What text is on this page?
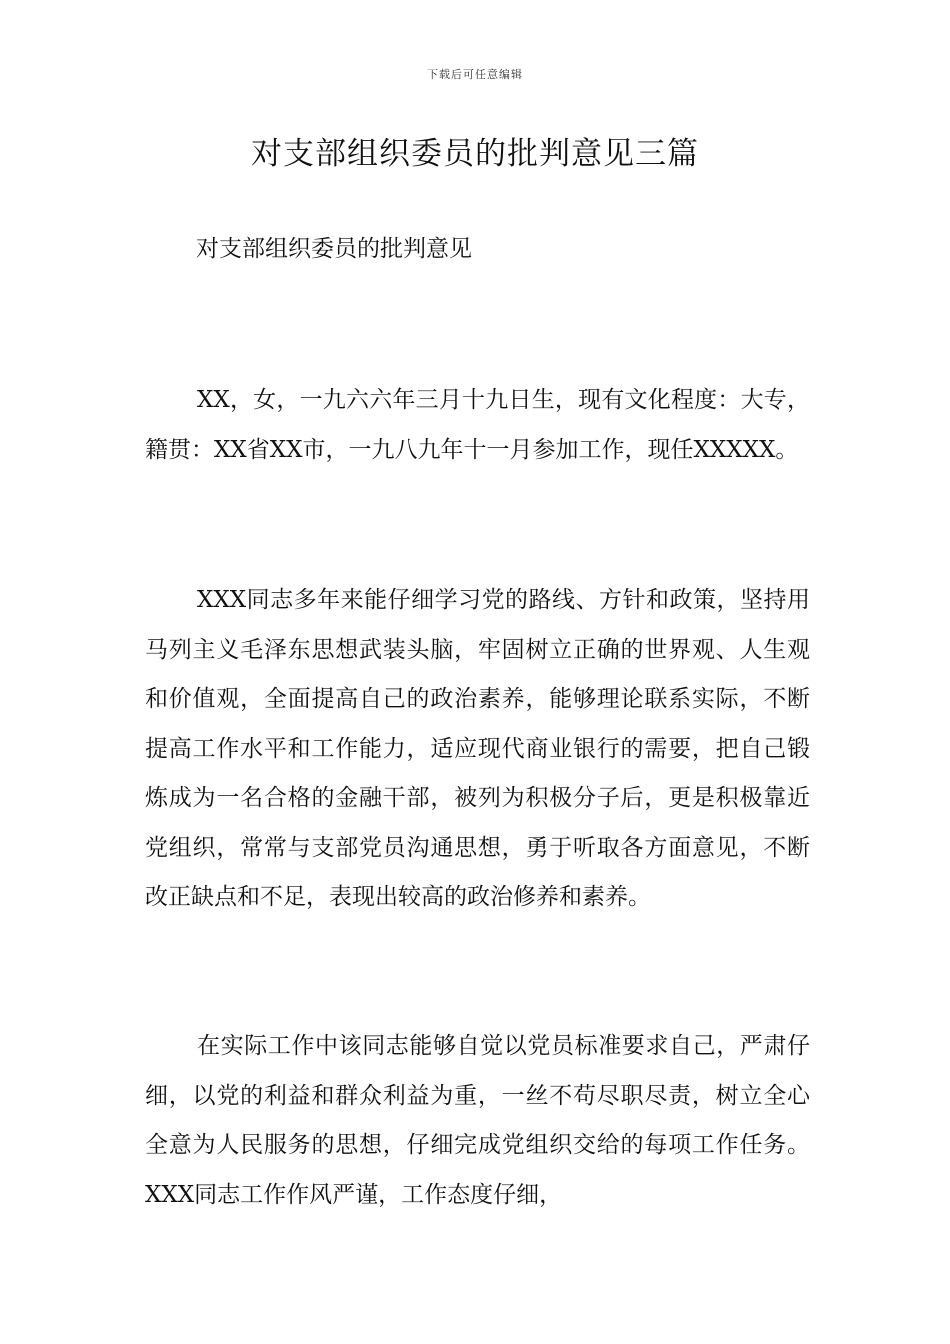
下载后可任意编辑
对支部组织委员的批判意见三篇
对支部组织委员的批判意见

XX，女，一九六六年三月十九日生，现有文化程度：大专，籍贯：XX省XX市，一九八九年十一月参加工作，现任XXXXX。

XXX同志多年来能仔细学习党的路线、方针和政策，坚持用马列主义毛泽东思想武装头脑，牢固树立正确的世界观、人生观和价值观，全面提高自己的政治素养，能够理论联系实际，不断提高工作水平和工作能力，适应现代商业银行的需要，把自己锻炼成为一名合格的金融干部，被列为积极分子后，更是积极靠近党组织，常常与支部党员沟通思想，勇于听取各方面意见，不断改正缺点和不足，表现出较高的政治修养和素养。

在实际工作中该同志能够自觉以党员标准要求自己，严肃仔细，以党的利益和群众利益为重，一丝不苟尽职尽责，树立全心全意为人民服务的思想，仔细完成党组织交给的每项工作任务。XXX同志工作作风严谨，工作态度仔细，
